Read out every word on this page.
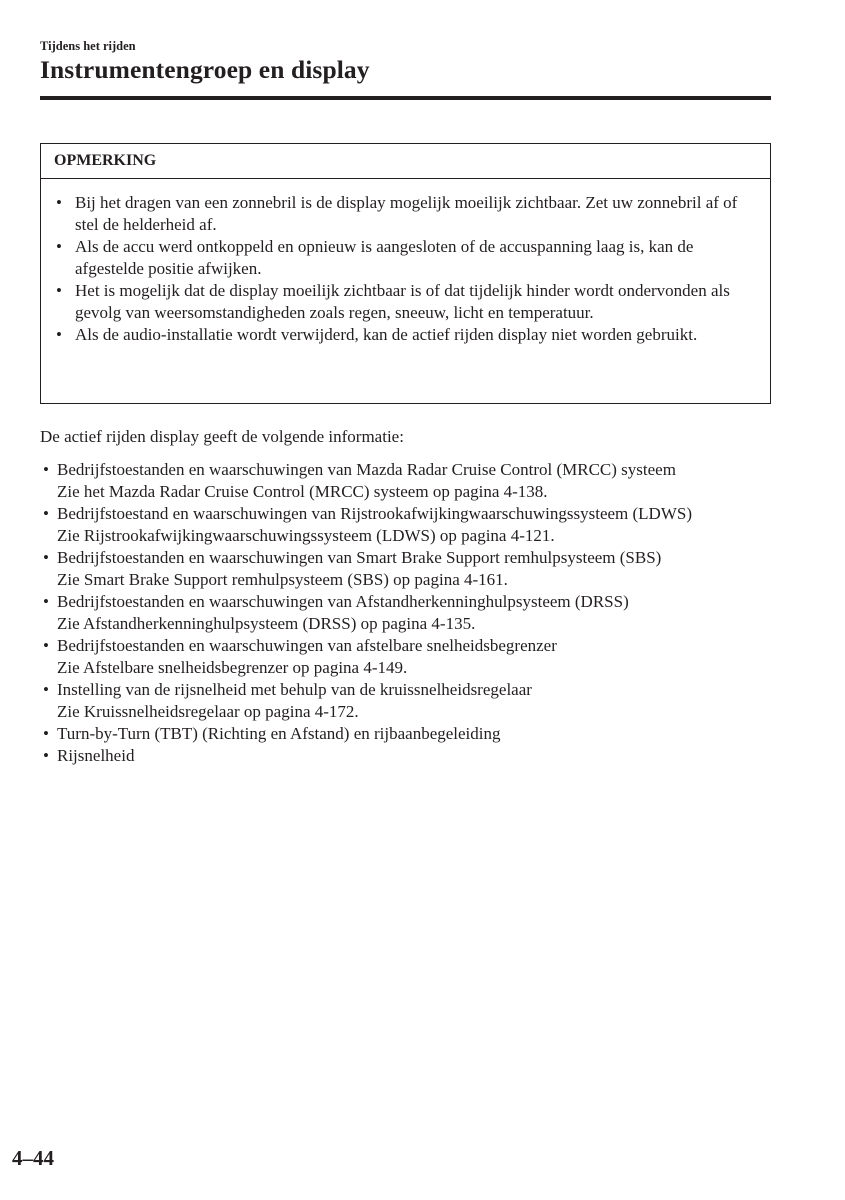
Tijdens het rijden
Instrumentengroep en display
OPMERKING
• Bij het dragen van een zonnebril is de display mogelijk moeilijk zichtbaar. Zet uw zonnebril af of stel de helderheid af.
• Als de accu werd ontkoppeld en opnieuw is aangesloten of de accuspanning laag is, kan de afgestelde positie afwijken.
• Het is mogelijk dat de display moeilijk zichtbaar is of dat tijdelijk hinder wordt ondervonden als gevolg van weersomstandigheden zoals regen, sneeuw, licht en temperatuur.
• Als de audio-installatie wordt verwijderd, kan de actief rijden display niet worden gebruikt.
De actief rijden display geeft de volgende informatie:
• Bedrijfstoestanden en waarschuwingen van Mazda Radar Cruise Control (MRCC) systeem
Zie het Mazda Radar Cruise Control (MRCC) systeem op pagina 4-138.
• Bedrijfstoestand en waarschuwingen van Rijstrookafwijkingwaarschuwingssysteem (LDWS)
Zie Rijstrookafwijkingwaarschuwingssysteem (LDWS) op pagina 4-121.
• Bedrijfstoestanden en waarschuwingen van Smart Brake Support remhulpsysteem (SBS)
Zie Smart Brake Support remhulpsysteem (SBS) op pagina 4-161.
• Bedrijfstoestanden en waarschuwingen van Afstandherkenninghulpsysteem (DRSS)
Zie Afstandherkenninghulpsysteem (DRSS) op pagina 4-135.
• Bedrijfstoestanden en waarschuwingen van afstelbare snelheidsbegrenzer
Zie Afstelbare snelheidsbegrenzer op pagina 4-149.
• Instelling van de rijsnelheid met behulp van de kruissnelheidsregelaar
Zie Kruissnelheidsregelaar op pagina 4-172.
• Turn-by-Turn (TBT) (Richting en Afstand) en rijbaanbegeleiding
• Rijsnelheid
4–44
